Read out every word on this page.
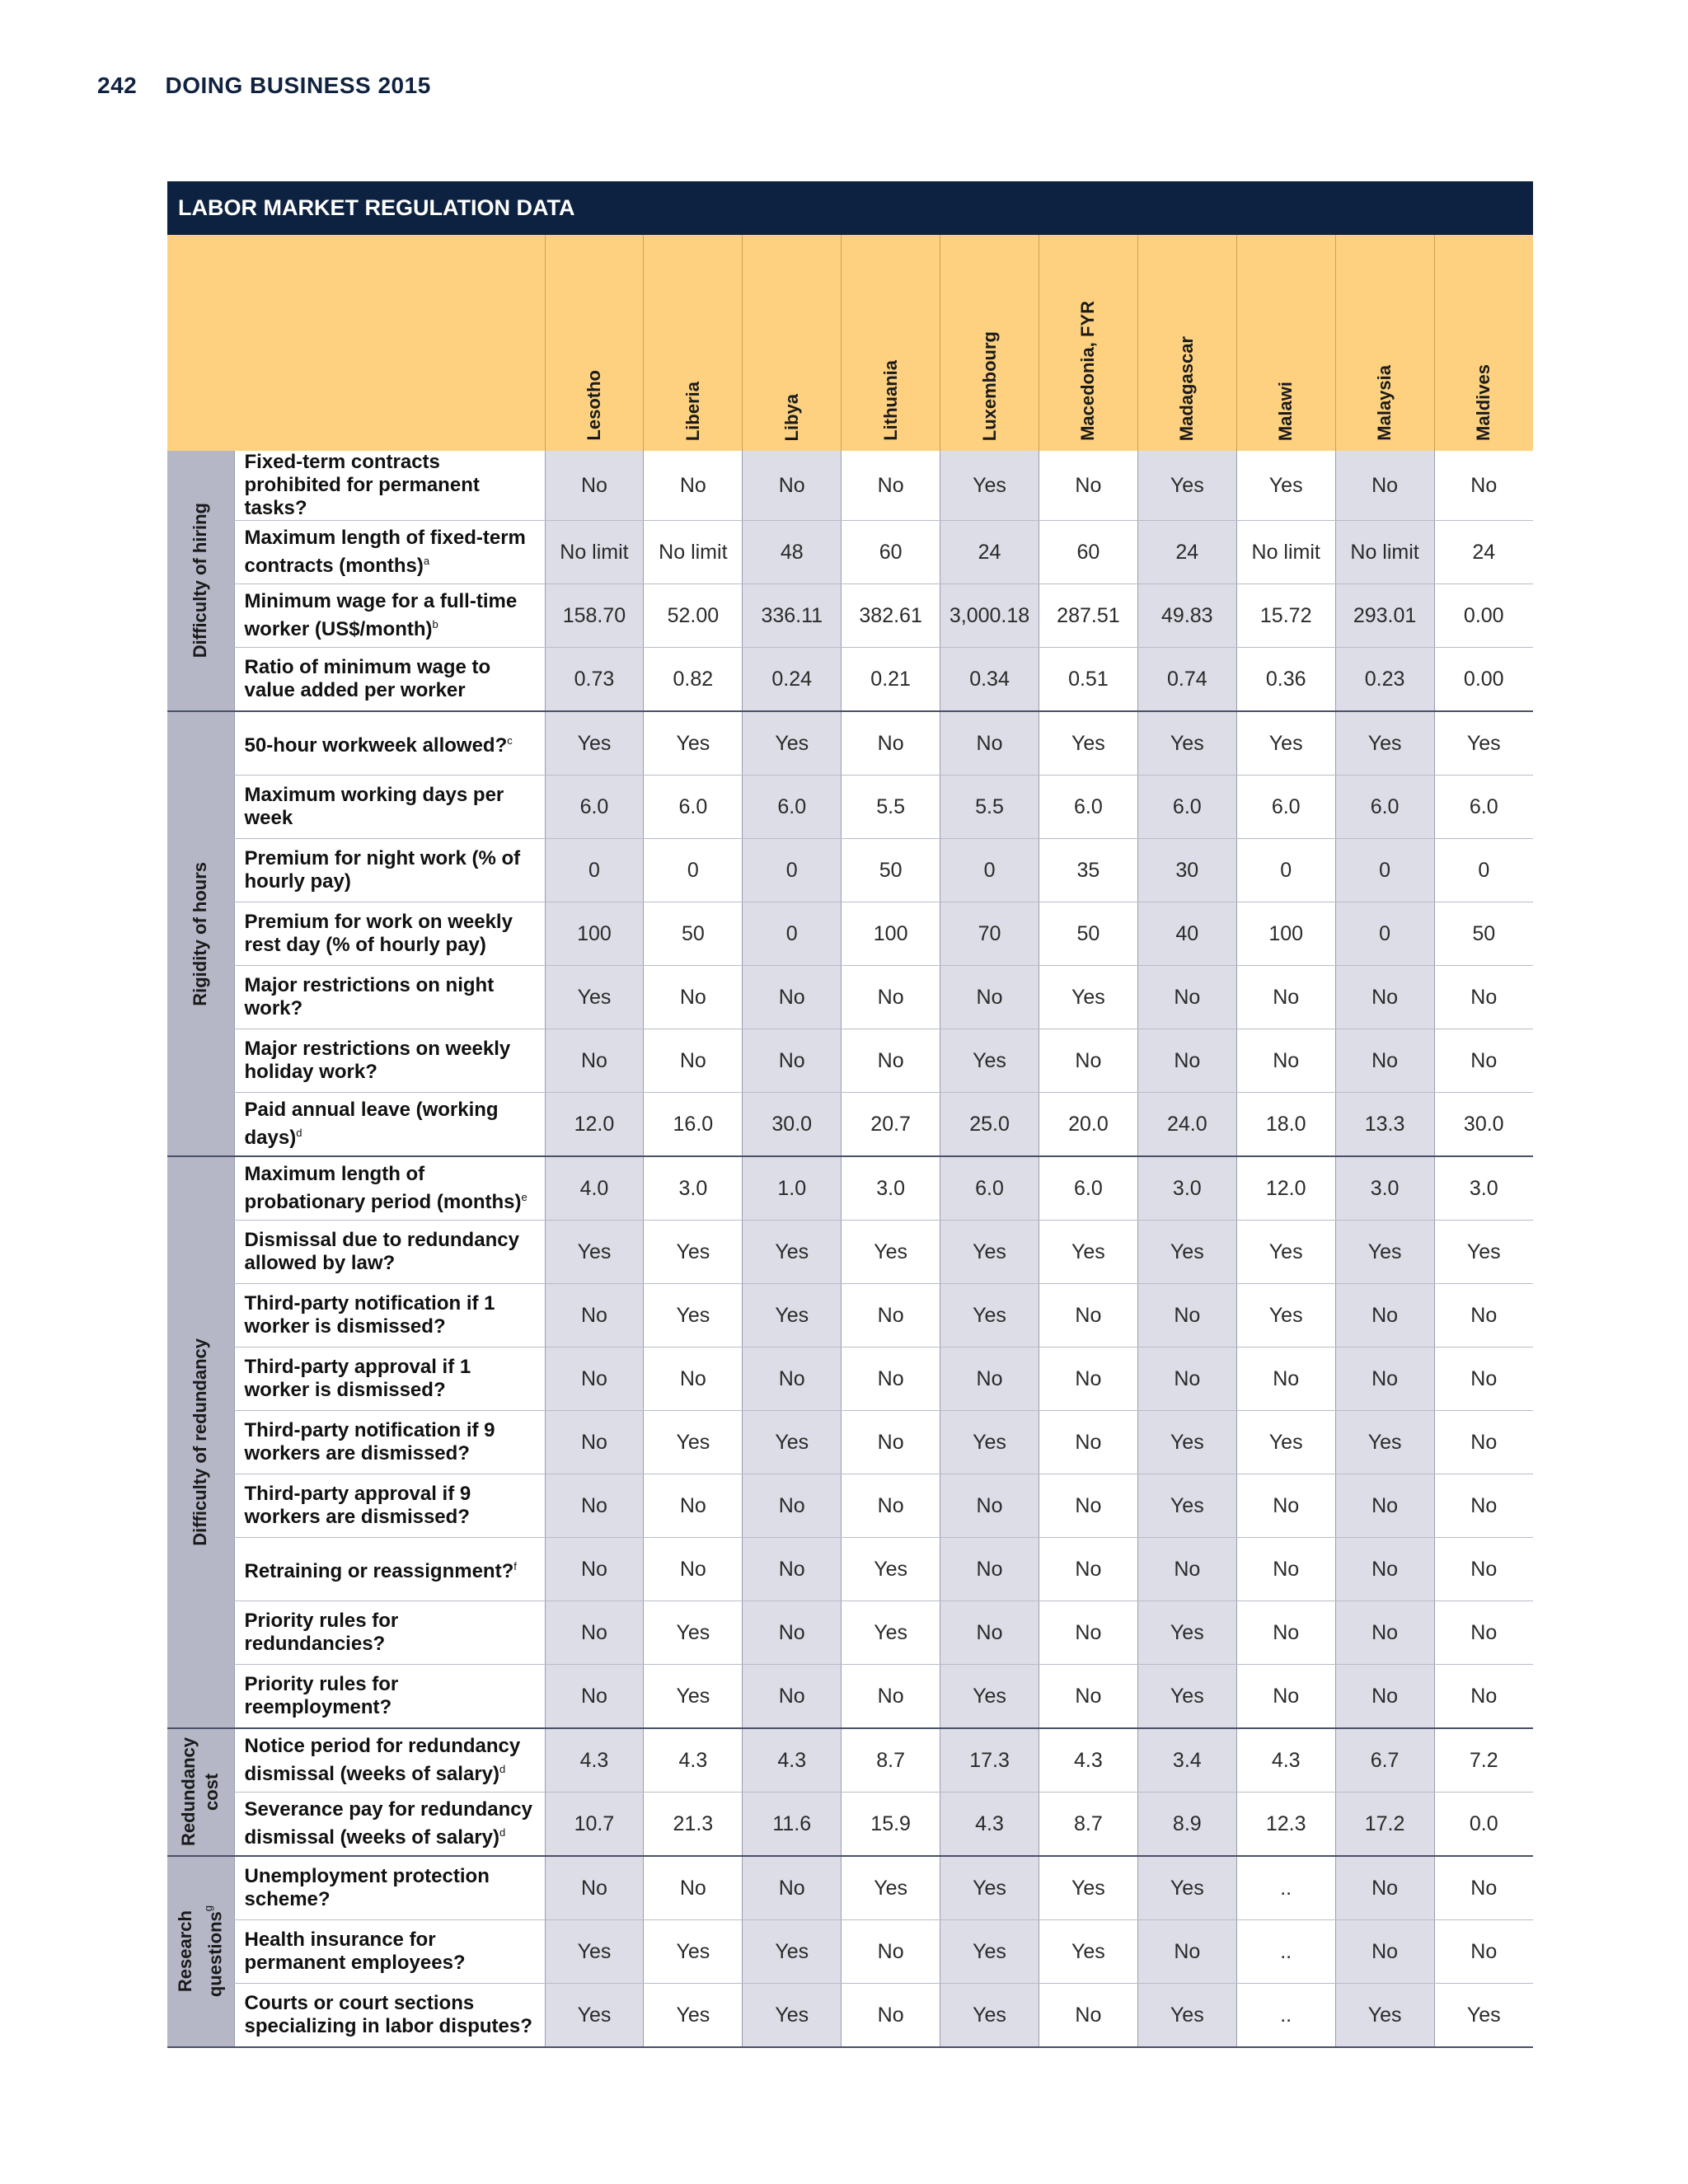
242 DOING BUSINESS 2015
LABOR MARKET REGULATION DATA

		Lesotho	Liberia	Libya	Lithuania	Luxembourg	Macedonia, FYR	Madagascar	Malawi	Malaysia	Maldives

Difficulty of hiring	Fixed-term contracts prohibited for permanent tasks?	No	No	No	No	Yes	No	Yes	Yes	No	No
	Maximum length of fixed-term contracts (months)$^a$	No limit	No limit	48	60	24	60	24	No limit	No limit	24
	Minimum wage for a full-time worker (US$/month)$^b$	158.70	52.00	336.11	382.61	3,000.18	287.51	49.83	15.72	293.01	0.00
	Ratio of minimum wage to value added per worker	0.73	0.82	0.24	0.21	0.34	0.51	0.74	0.36	0.23	0.00

Rigidity of hours	50-hour workweek allowed?$^c$	Yes	Yes	Yes	No	No	Yes	Yes	Yes	Yes	Yes
	Maximum working days per week	6.0	6.0	6.0	5.5	5.5	6.0	6.0	6.0	6.0	6.0
	Premium for night work (% of hourly pay)	0	0	0	50	0	35	30	0	0	0
	Premium for work on weekly rest day (% of hourly pay)	100	50	0	100	70	50	40	100	0	50
	Major restrictions on night work?	Yes	No	No	No	No	Yes	No	No	No	No
	Major restrictions on weekly holiday work?	No	No	No	No	Yes	No	No	No	No	No
	Paid annual leave (working days)$^d$	12.0	16.0	30.0	20.7	25.0	20.0	24.0	18.0	13.3	30.0

Difficulty of redundancy	Maximum length of probationary period (months)$^e$	4.0	3.0	1.0	3.0	6.0	6.0	3.0	12.0	3.0	3.0
	Dismissal due to redundancy allowed by law?	Yes	Yes	Yes	Yes	Yes	Yes	Yes	Yes	Yes	Yes
	Third-party notification if 1 worker is dismissed?	No	Yes	Yes	No	Yes	No	No	Yes	No	No
	Third-party approval if 1 worker is dismissed?	No	No	No	No	No	No	No	No	No	No
	Third-party notification if 9 workers are dismissed?	No	Yes	Yes	No	Yes	No	Yes	Yes	Yes	No
	Third-party approval if 9 workers are dismissed?	No	No	No	No	No	No	Yes	No	No	No
	Retraining or reassignment?$^f$	No	No	No	Yes	No	No	No	No	No	No
	Priority rules for redundancies?	No	Yes	No	Yes	No	No	Yes	No	No	No
	Priority rules for reemployment?	No	Yes	No	No	Yes	No	Yes	No	No	No

Redundancy
cost	Notice period for redundancy dismissal (weeks of salary)$^d$	4.3	4.3	4.3	8.7	17.3	4.3	3.4	4.3	6.7	7.2
	Severance pay for redundancy dismissal (weeks of salary)$^d$	10.7	21.3	11.6	15.9	4.3	8.7	8.9	12.3	17.2	0.0

Research
questions$^g$	Unemployment protection scheme?	No	No	No	Yes	Yes	Yes	Yes	..	No	No
	Health insurance for permanent employees?	Yes	Yes	Yes	No	Yes	Yes	No	..	No	No
	Courts or court sections specializing in labor disputes?	Yes	Yes	Yes	No	Yes	No	Yes	..	Yes	Yes
